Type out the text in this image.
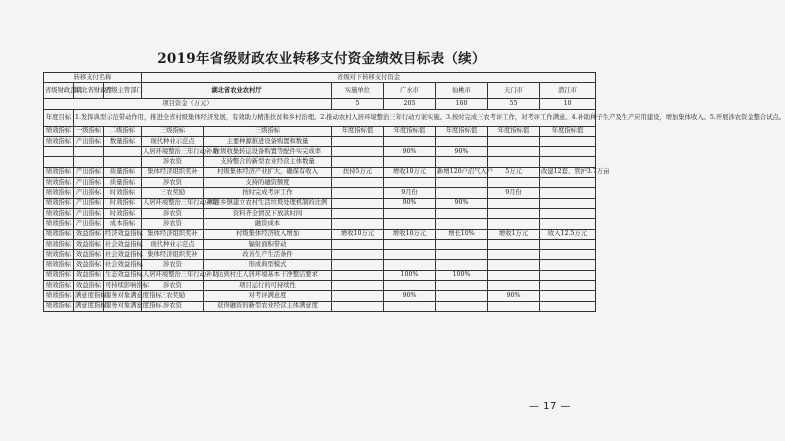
2019年省级财政农业转移支付资金绩效目标表（续）
转移支付名称			省级对下转移支付资金						
省级财政部门	湖北省财政厅	省级主管部门	湖北省农业农村厅		实施单位	广水市	仙桃市	天门市	潜江市
项目资金（万元）					5	205	160	55	10
年度目标	1.发挥典型示范带动作用，推进全省村级集体经济发展，有效助力精准扶贫和乡村治理。2.推动农村人居环境整治三年行动方案实施。3.按时完成三农考评工作，对考评工作满意。4.补助种子生产及生产应用建设，增加集体收入。5.开展涉农资金整合试点。								
绩效指标	一级指标	二级指标	三级指标	三级指标	年度指标值	年度指标值	年度指标值	年度指标值	年度指标值
绩效指标	产出指标	数量指标	现代种业示范点	主要种源推进设备购置和数量					
			人居环境整治三年行动补助	拉圾收集转运设备购置等配件实完成率		90%	90%		
			涉农资	支持整合的新型农业经营主体数量					
绩效指标	产出指标	质量指标	集体经济组织奖补	村级集体经济产业扩大，确保有收入	扶持5万元	增收10万元	新增120户沼气入户	5万元	改建12套、管护3.7万亩
绩效指标	产出指标	质量指标	涉农资	支持的融资额度					
绩效指标	产出指标	时效指标	三农奖励	按时完成考评工作		9月份		9月份	
绩效指标	产出指标	时效指标	人居环境整治三年行动补助	项目乡镇建立农村生活垃圾处理机制的比例		90%	90%		
绩效指标	产出指标	时效指标	涉农资	资料齐全情况下放款时间					
绩效指标	产出指标	成本指标	涉农资	融资成本					
绩效指标	效益指标	经济效益指标	集体经济组织奖补	村级集体经济收入增加	增收10万元	增收10万元	增长10%	增收1万元	收入12.5万元
绩效指标	效益指标	社会效益指标	现代种业示范点	辐射面积带动					
绩效指标	效益指标	社会效益指标	集体经济组织奖补	改善生产生活条件					
绩效指标	效益指标	社会效益指标	涉农资	形成典型模式					
绩效指标	效益指标	生态效益指标	人居环境整治三年行动补助	达到村庄人居环境基本干净整洁要求		100%	100%		
绩效指标	效益指标	可持续影响指标	涉农资	项目运行的可持续性					
绩效指标	满意度指标	服务对象满意度指标	三农奖励	对考评满意度		90%		90%	
绩效指标	满意度指标	服务对象满意度指标	涉农资	获得融资的新型农业经营主体满意度					
— 17 —
